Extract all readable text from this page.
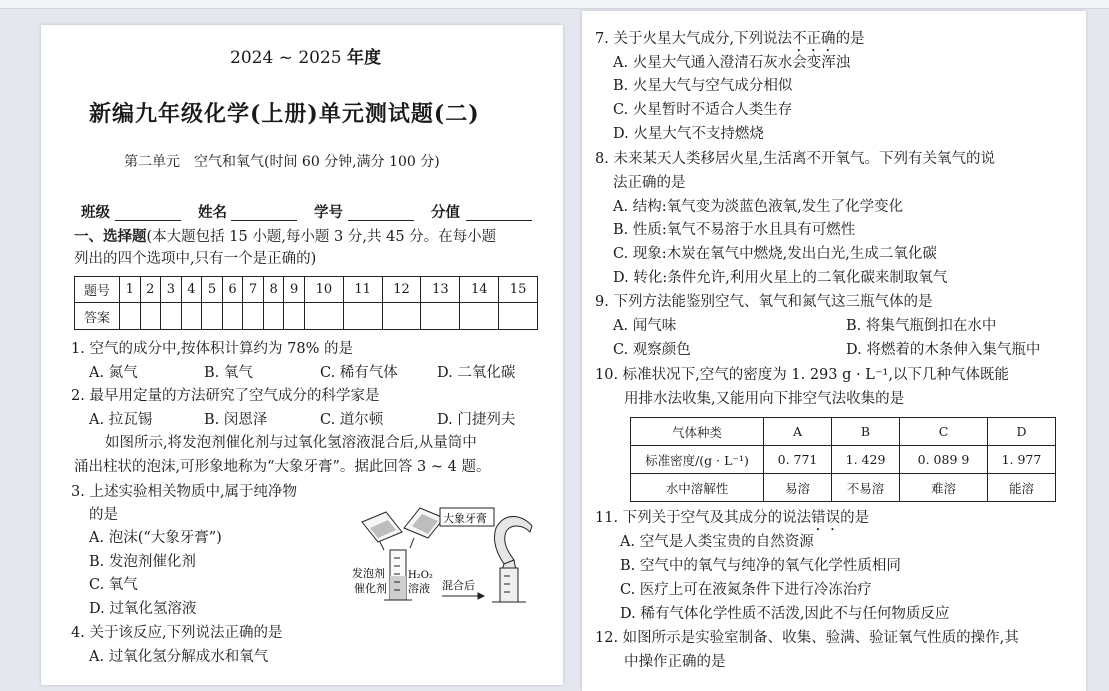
2024 ~ 2025 年度
新编九年级化学(上册)单元测试题(二)
第二单元　空气和氧气(时间 60 分钟,满分 100 分)
班级	姓名	学号	分值
一、选择题(本大题包括 15 小题,每小题 3 分,共 45 分。在每小题
列出的四个选项中,只有一个是正确的)
题号	1	2	3	4	5	6	7	8	9	10	11	12	13	14	15
答案															
1. 空气的成分中,按体积计算约为 78% 的是
A. 氮气	B. 氧气	C. 稀有气体	D. 二氧化碳
2. 最早用定量的方法研究了空气成分的科学家是
A. 拉瓦锡	B. 闵恩泽	C. 道尔顿	D. 门捷列夫
如图所示,将发泡剂催化剂与过氧化氢溶液混合后,从量筒中
涌出柱状的泡沫,可形象地称为“大象牙膏”。据此回答 3 ~ 4 题。
3. 上述实验相关物质中,属于纯净物
的是
A. 泡沫(“大象牙膏”)
B. 发泡剂催化剂
C. 氧气
D. 过氧化氢溶液
发泡剂
催化剂
H₂O₂
溶液 混合后
大象牙膏
4. 关于该反应,下列说法正确的是
A. 过氧化氢分解成水和氧气
7. 关于火星大气成分,下列说法不正确的是
A. 火星大气通入澄清石灰水会变浑浊
B. 火星大气与空气成分相似
C. 火星暂时不适合人类生存
D. 火星大气不支持燃烧
8. 未来某天人类移居火星,生活离不开氧气。下列有关氧气的说
法正确的是
A. 结构:氧气变为淡蓝色液氧,发生了化学变化
B. 性质:氧气不易溶于水且具有可燃性
C. 现象:木炭在氧气中燃烧,发出白光,生成二氧化碳
D. 转化:条件允许,利用火星上的二氧化碳来制取氧气
9. 下列方法能鉴别空气、氧气和氮气这三瓶气体的是
A. 闻气味	B. 将集气瓶倒扣在水中
C. 观察颜色	D. 将燃着的木条伸入集气瓶中
10. 标准状况下,空气的密度为 1. 293 g · L⁻¹,以下几种气体既能
用排水法收集,又能用向下排空气法收集的是
气体种类	A	B	C	D
标准密度/(g · L⁻¹)	0. 771	1. 429	0. 089 9	1. 977
水中溶解性	易溶	不易溶	难溶	能溶
11. 下列关于空气及其成分的说法错误的是
A. 空气是人类宝贵的自然资源
B. 空气中的氧气与纯净的氧气化学性质相同
C. 医疗上可在液氮条件下进行冷冻治疗
D. 稀有气体化学性质不活泼,因此不与任何物质反应
12. 如图所示是实验室制备、收集、验满、验证氧气性质的操作,其
中操作正确的是
